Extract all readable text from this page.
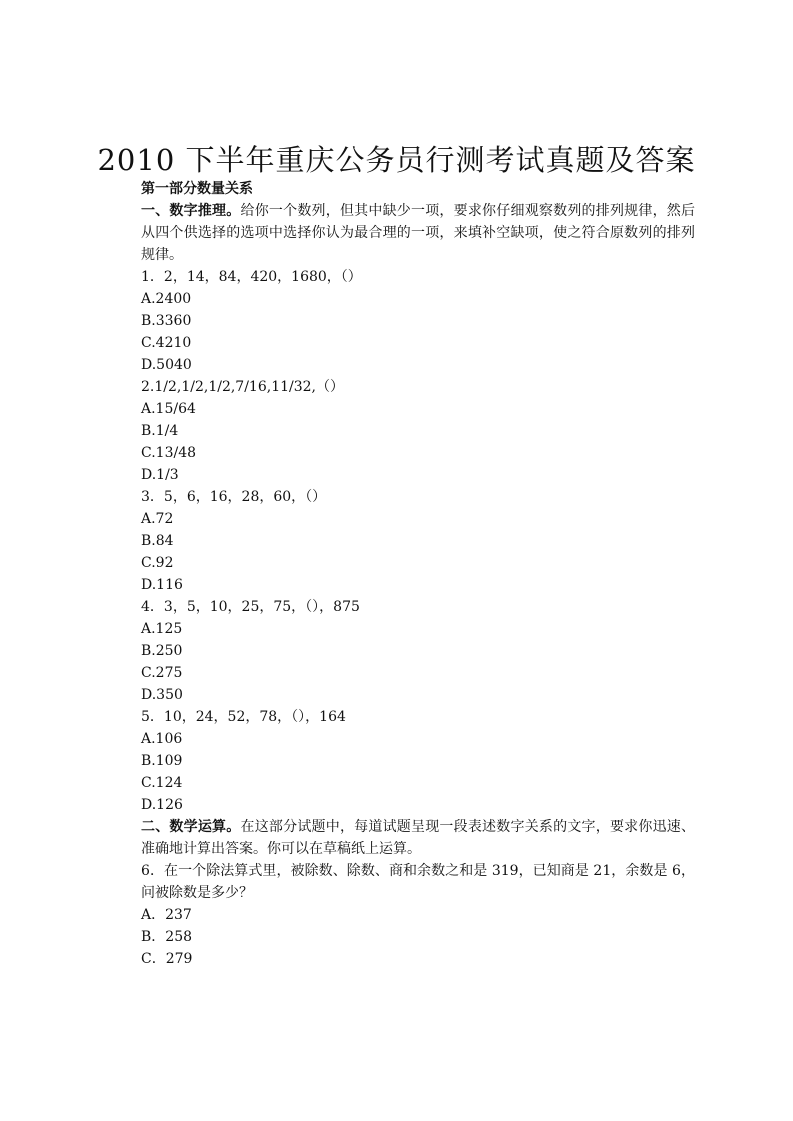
2010 下半年重庆公务员行测考试真题及答案
第一部分数量关系
一、数字推理。给你一个数列，但其中缺少一项，要求你仔细观察数列的排列规律，然后从四个供选择的选项中选择你认为最合理的一项，来填补空缺项，使之符合原数列的排列规律。
1．2，14，84，420，1680，（）
A.2400
B.3360
C.4210
D.5040
2.1/2,1/2,1/2,7/16,11/32,（）
A.15/64
B.1/4
C.13/48
D.1/3
3．5，6，16，28，60，（）
A.72
B.84
C.92
D.116
4．3，5，10，25，75，（），875
A.125
B.250
C.275
D.350
5．10，24，52，78，（），164
A.106
B.109
C.124
D.126
二、数学运算。在这部分试题中，每道试题呈现一段表述数字关系的文字，要求你迅速、准确地计算出答案。你可以在草稿纸上运算。
6．在一个除法算式里，被除数、除数、商和余数之和是 319，已知商是 21，余数是 6，问被除数是多少？
A．237
B．258
C．279
